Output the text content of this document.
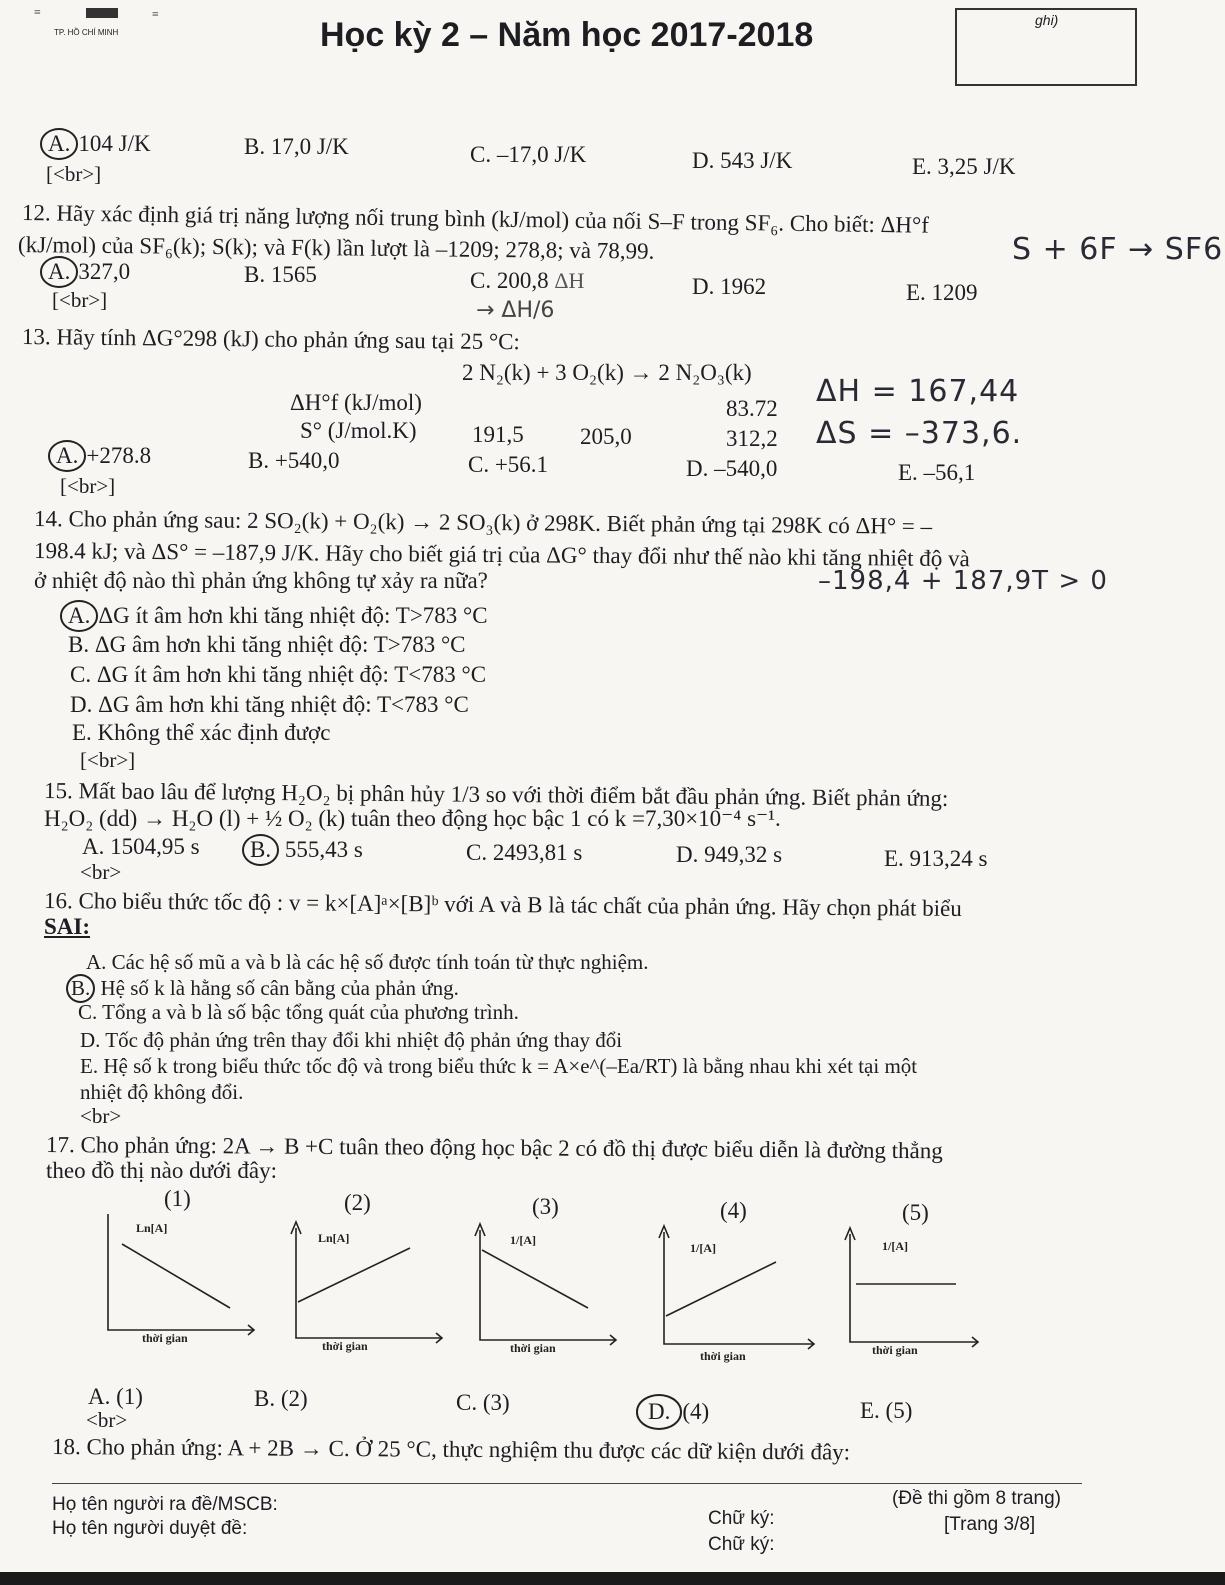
≡	≡
TP. HỒ CHÍ MINH	Học kỳ 2 – Năm học 2017-2018	ghi)
A. 104 J/K	B. 17,0 J/K	C. –17,0 J/K	D. 543 J/K	E. 3,25 J/K
[<br>]
12. Hãy xác định giá trị năng lượng nối trung bình (kJ/mol) của nối S–F trong SF₆. Cho biết: ΔH°f
(kJ/mol) của SF₆(k); S(k); và F(k) lần lượt là –1209; 278,8; và 78,99.	S + 6F → SF6
A. 327,0	B. 1565	C. 200,8 ΔH	D. 1962	E. 1209
[<br>]	→ ΔH/6
13. Hãy tính ΔG°298 (kJ) cho phản ứng sau tại 25 °C:
2 N₂(k) + 3 O₂(k) → 2 N₂O₃(k)
ΔH°f (kJ/mol)	83.72 ΔH = 167,44
S° (J/mol.K) 191,5 205,0	312,2 ΔS = –373,6.
A. +278.8	B. +540,0	C. +56.1	D. –540,0	E. –56,1
[<br>]
14. Cho phản ứng sau: 2 SO₂(k) + O₂(k) → 2 SO₃(k) ở 298K. Biết phản ứng tại 298K có ΔH° = –
198.4 kJ; và ΔS° = –187,9 J/K. Hãy cho biết giá trị của ΔG° thay đổi như thế nào khi tăng nhiệt độ và
ở nhiệt độ nào thì phản ứng không tự xảy ra nữa?	–198,4 + 187,9T > 0
A. ΔG ít âm hơn khi tăng nhiệt độ: T>783 °C
B. ΔG âm hơn khi tăng nhiệt độ: T>783 °C
C. ΔG ít âm hơn khi tăng nhiệt độ: T<783 °C
D. ΔG âm hơn khi tăng nhiệt độ: T<783 °C
E. Không thể xác định được
[<br>]
15. Mất bao lâu để lượng H₂O₂ bị phân hủy 1/3 so với thời điểm bắt đầu phản ứng. Biết phản ứng:
H₂O₂ (dd) → H₂O (l) + ½ O₂ (k) tuân theo động học bậc 1 có k =7,30×10⁻⁴ s⁻¹.
A. 1504,95 s	B. 555,43 s	C. 2493,81 s	D. 949,32 s	E. 913,24 s
<br>
16. Cho biểu thức tốc độ : v = k×[A]ᵃ×[B]ᵇ với A và B là tác chất của phản ứng. Hãy chọn phát biểu
SAI:
A. Các hệ số mũ a và b là các hệ số được tính toán từ thực nghiệm.
B. Hệ số k là hằng số cân bằng của phản ứng.
C. Tổng a và b là số bậc tổng quát của phương trình.
D. Tốc độ phản ứng trên thay đổi khi nhiệt độ phản ứng thay đổi
E. Hệ số k trong biểu thức tốc độ và trong biểu thức k = A×e^(–Ea/RT) là bằng nhau khi xét tại một
nhiệt độ không đổi.
<br>
17. Cho phản ứng: 2A → B +C tuân theo động học bậc 2 có đồ thị được biểu diễn là đường thẳng
theo đồ thị nào dưới đây:
(1)	(2)	(3)	(4)	(5)
Ln[A]
thời gian
Ln[A]
thời gian
1/[A]
thời gian
1/[A]
thời gian
1/[A]
thời gian
A. (1)	B. (2)	C. (3)	D. (4)	E. (5)
<br>
18. Cho phản ứng: A + 2B → C. Ở 25 °C, thực nghiệm thu được các dữ kiện dưới đây:
Họ tên người ra đề/MSCB:
Họ tên người duyệt đề:	Chữ ký:
Chữ ký:
(Đề thi gồm 8 trang)
[Trang 3/8]
